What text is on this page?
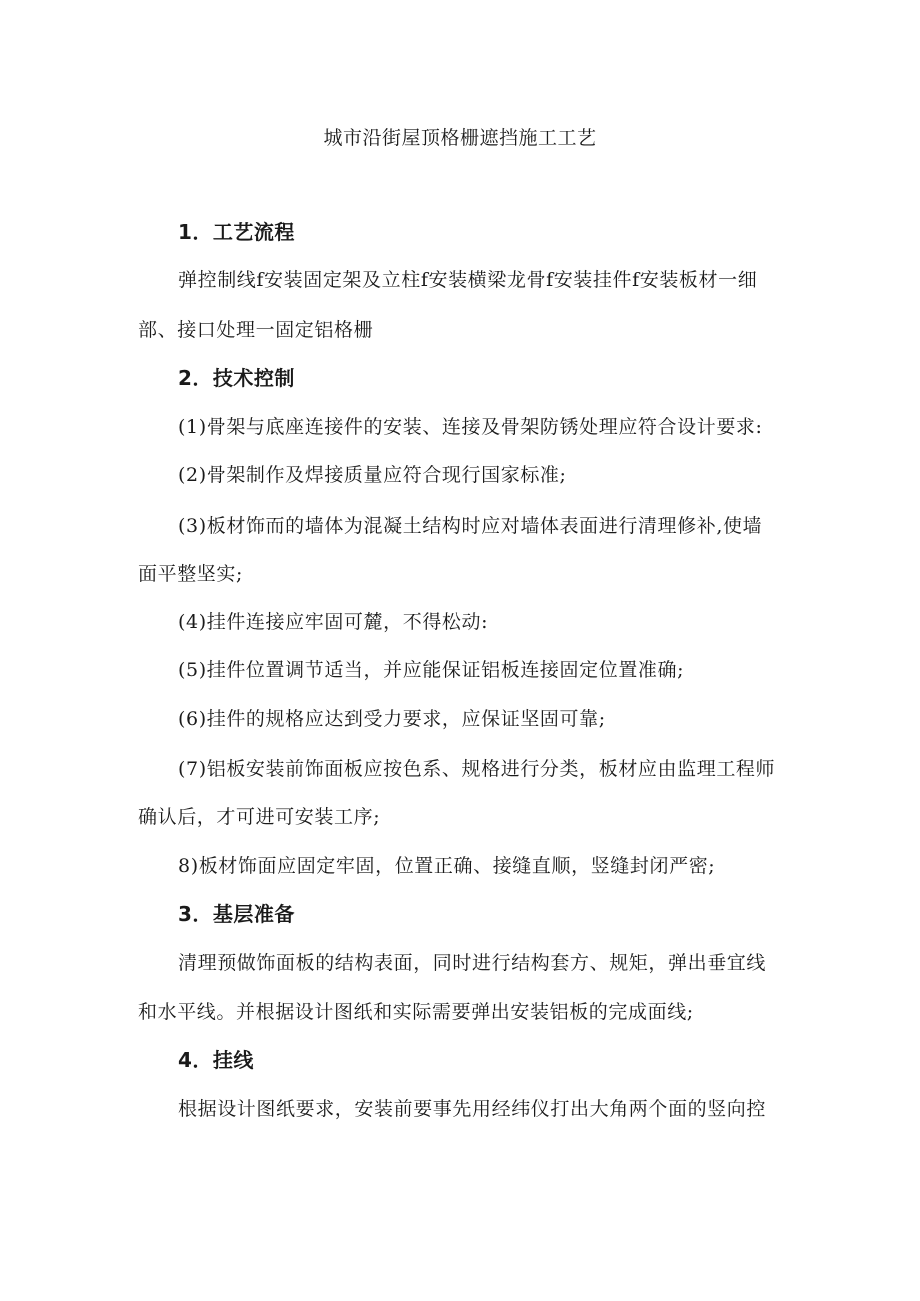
城市沿街屋顶格栅遮挡施工工艺
1．工艺流程
弹控制线f安装固定架及立柱f安装横梁龙骨f安装挂件f安装板材一细
部、接口处理一固定铝格栅
2．技术控制
(1)骨架与底座连接件的安装、连接及骨架防锈处理应符合设计要求:
(2)骨架制作及焊接质量应符合现行国家标准;
(3)板材饰而的墙体为混凝土结构时应对墙体表面进行清理修补,使墙
面平整坚实;
(4)挂件连接应牢固可麓，不得松动:
(5)挂件位置调节适当，并应能保证铝板连接固定位置准确;
(6)挂件的规格应达到受力要求，应保证坚固可靠;
(7)铝板安装前饰面板应按色系、规格进行分类，板材应由监理工程师
确认后，才可进可安装工序;
8)板材饰面应固定牢固，位置正确、接缝直顺，竖缝封闭严密;
3．基层准备
清理预做饰面板的结构表面，同时进行结构套方、规矩，弹出垂宜线
和水平线。并根据设计图纸和实际需要弹出安装铝板的完成面线;
4．挂线
根据设计图纸要求，安装前要事先用经纬仪打出大角两个面的竖向控
